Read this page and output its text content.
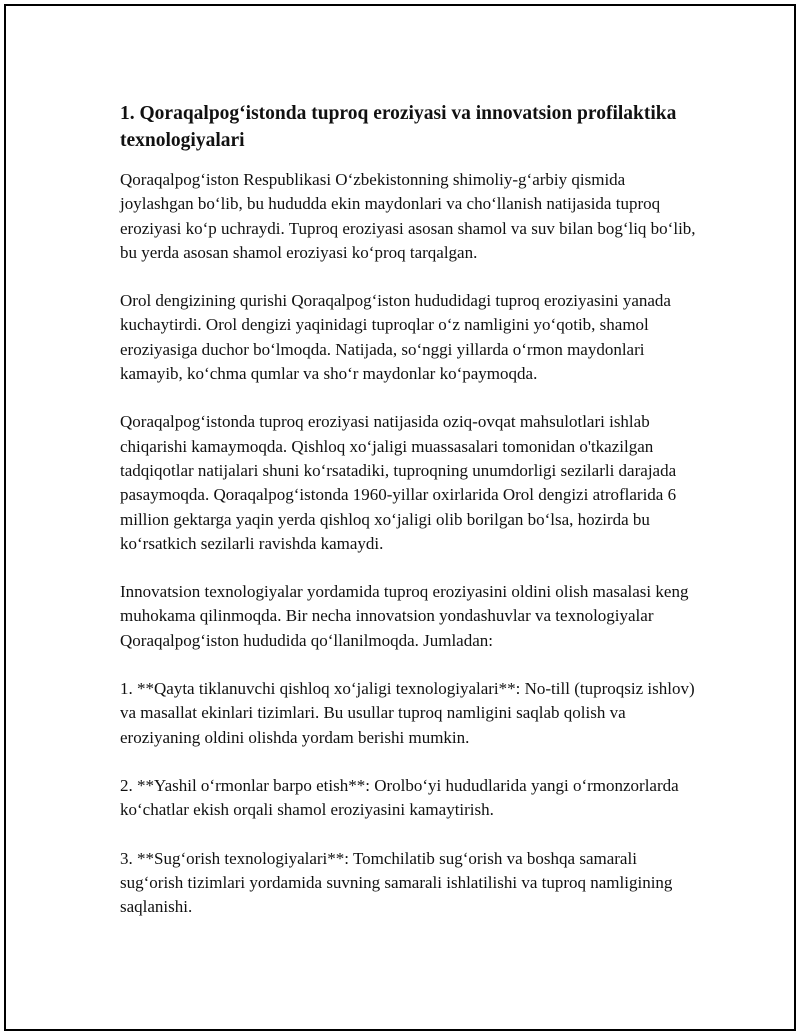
1. Qoraqalpogʻistonda tuproq eroziyasi va innovatsion profilaktika texnologiyalari

Qoraqalpogʻiston Respublikasi Oʻzbekistonning shimoliy-gʻarbiy qismida joylashgan boʻlib, bu hududda ekin maydonlari va choʻllanish natijasida tuproq eroziyasi koʻp uchraydi. Tuproq eroziyasi asosan shamol va suv bilan bogʻliq boʻlib, bu yerda asosan shamol eroziyasi koʻproq tarqalgan.

Orol dengizining qurishi Qoraqalpogʻiston hududidagi tuproq eroziyasini yanada kuchaytirdi. Orol dengizi yaqinidagi tuproqlar oʻz namligini yoʻqotib, shamol eroziyasiga duchor boʻlmoqda. Natijada, soʻnggi yillarda oʻrmon maydonlari kamayib, koʻchma qumlar va shoʻr maydonlar koʻpaymoqda.

Qoraqalpogʻistonda tuproq eroziyasi natijasida oziq-ovqat mahsulotlari ishlab chiqarishi kamaymoqda. Qishloq xoʻjaligi muassasalari tomonidan o'tkazilgan tadqiqotlar natijalari shuni koʻrsatadiki, tuproqning unumdorligi sezilarli darajada pasaymoqda. Qoraqalpogʻistonda 1960-yillar oxirlarida Orol dengizi atroflarida 6 million gektarga yaqin yerda qishloq xoʻjaligi olib borilgan boʻlsa, hozirda bu koʻrsatkich sezilarli ravishda kamaydi.

Innovatsion texnologiyalar yordamida tuproq eroziyasini oldini olish masalasi keng muhokama qilinmoqda. Bir necha innovatsion yondashuvlar va texnologiyalar Qoraqalpogʻiston hududida qoʻllanilmoqda. Jumladan:

1. **Qayta tiklanuvchi qishloq xoʻjaligi texnologiyalari**: No-till (tuproqsiz ishlov) va masallat ekinlari tizimlari. Bu usullar tuproq namligini saqlab qolish va eroziyaning oldini olishda yordam berishi mumkin.

2. **Yashil oʻrmonlar barpo etish**: Orolboʻyi hududlarida yangi oʻrmonzorlarda koʻchatlar ekish orqali shamol eroziyasini kamaytirish.

3. **Sugʻorish texnologiyalari**: Tomchilatib sugʻorish va boshqa samarali sugʻorish tizimlari yordamida suvning samarali ishlatilishi va tuproq namligining saqlanishi.
